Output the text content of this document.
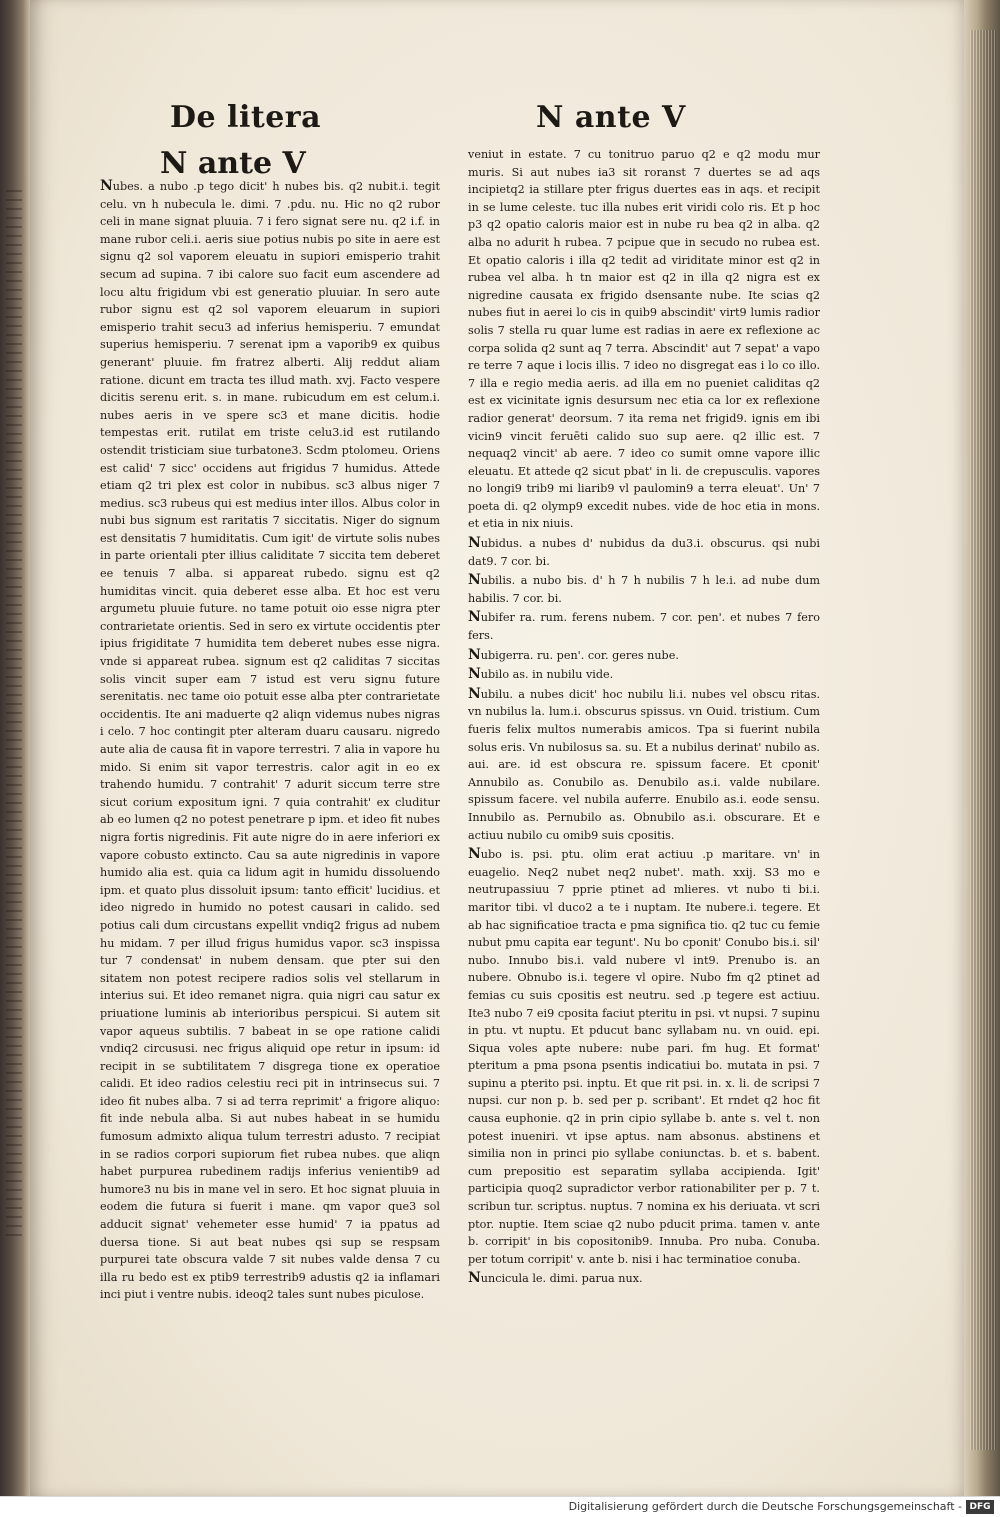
De litera	N ante V
N ante V

Nubes. a nubo .p tego dicit' h nubes bis. q2 nubit.i. tegit celu. vn h nubecula le. dimi. 7 .pdu. nu. Hic no q2 rubor celi in mane signat pluuia. 7 i fero signat sere nu. q2 i.f. in mane rubor celi.i. aeris siue potius nubis po site in aere est signu q2 sol vaporem eleuatu in supiori emisperio trahit secum ad supina. 7 ibi calore suo facit eum ascendere ad locu altu frigidum vbi est generatio pluuiar. In sero aute rubor signu est q2 sol vaporem eleuarum in supiori emisperio trahit secu3 ad inferius hemisperiu. 7 emundat superius hemisperiu. 7 serenat ipm a vaporib9 ex quibus generant' pluuie. fm fratrez alberti. Alij reddut aliam ratione. dicunt em tracta tes illud math. xvj. Facto vespere dicitis serenu erit. s. in mane. rubicudum em est celum.i. nubes aeris in ve spere sc3 et mane dicitis. hodie tempestas erit. rutilat em triste celu3.id est rutilando ostendit tristiciam siue turbatone3. Scdm ptolomeu. Oriens est calid' 7 sicc' occidens aut frigidus 7 humidus. Attede etiam q2 tri plex est color in nubibus. sc3 albus niger 7 medius. sc3 rubeus qui est medius inter illos. Albus color in nubi bus signum est raritatis 7 siccitatis. Niger do signum est densitatis 7 humiditatis. Cum igit' de virtute solis nubes in parte orientali pter illius caliditate 7 siccita tem deberet ee tenuis 7 alba. si appareat rubedo. signu est q2 humiditas vincit. quia deberet esse alba. Et hoc est veru argumetu pluuie future. no tame potuit oio esse nigra pter contrarietate orientis. Sed in sero ex virtute occidentis pter ipius frigiditate 7 humidita tem deberet nubes esse nigra. vnde si appareat rubea. signum est q2 caliditas 7 siccitas solis vincit super eam 7 istud est veru signu future serenitatis. nec tame oio potuit esse alba pter contrarietate occidentis. Ite ani maduerte q2 aliqn videmus nubes nigras i celo. 7 hoc contingit pter alteram duaru causaru. nigredo aute alia de causa fit in vapore terrestri. 7 alia in vapore hu mido. Si enim sit vapor terrestris. calor agit in eo ex trahendo humidu. 7 contrahit' 7 adurit siccum terre stre sicut corium expositum igni. 7 quia contrahit' ex cluditur ab eo lumen q2 no potest penetrare p ipm. et ideo fit nubes nigra fortis nigredinis. Fit aute nigre do in aere inferiori ex vapore cobusto extincto. Cau sa aute nigredinis in vapore humido alia est. quia ca lidum agit in humidu dissoluendo ipm. et quato plus dissoluit ipsum: tanto efficit' lucidius. et ideo nigredo in humido no potest causari in calido. sed potius cali dum circustans expellit vndiq2 frigus ad nubem hu midam. 7 per illud frigus humidus vapor. sc3 inspissa tur 7 condensat' in nubem densam. que pter sui den sitatem non potest recipere radios solis vel stellarum in interius sui. Et ideo remanet nigra. quia nigri cau satur ex priuatione luminis ab interioribus perspicui. Si autem sit vapor aqueus subtilis. 7 babeat in se ope ratione calidi vndiq2 circususi. nec frigus aliquid ope retur in ipsum: id recipit in se subtilitatem 7 disgrega tione ex operatioe calidi. Et ideo radios celestiu reci pit in intrinsecus sui. 7 ideo fit nubes alba. 7 si ad terra reprimit' a frigore aliquo: fit inde nebula alba. Si aut nubes habeat in se humidu fumosum admixto aliqua tulum terrestri adusto. 7 recipiat in se radios corpori supiorum fiet rubea nubes. que aliqn habet purpurea rubedinem radijs inferius venientib9 ad humore3 nu bis in mane vel in sero. Et hoc signat pluuia in eodem die futura si fuerit i mane. qm vapor que3 sol adducit signat' vehemeter esse humid' 7 ia ppatus ad duersa tione. Si aut beat nubes qsi sup se respsam purpurei tate obscura valde 7 sit nubes valde densa 7 cu illa ru bedo est ex ptib9 terrestrib9 adustis q2 ia inflamari inci piut i ventre nubis. ideoq2 tales sunt nubes piculose.

veniut in estate. 7 cu tonitruo paruo q2 e q2 modu mur muris. Si aut nubes ia3 sit roranst 7 duertes se ad aqs incipietq2 ia stillare pter frigus duertes eas in aqs. et recipit in se lume celeste. tuc illa nubes erit viridi colo ris. Et p hoc p3 q2 opatio caloris maior est in nube ru bea q2 in alba. q2 alba no adurit h rubea. 7 pcipue que in secudo no rubea est. Et opatio caloris i illa q2 tedit ad viriditate minor est q2 in rubea vel alba. h tn maior est q2 in illa q2 nigra est ex nigredine causata ex frigido dsensante nube. Ite scias q2 nubes fiut in aerei lo cis in quib9 abscindit' virt9 lumis radior solis 7 stella ru quar lume est radias in aere ex reflexione ac corpa solida q2 sunt aq 7 terra. Abscindit' aut 7 sepat' a vapo re terre 7 aque i locis illis. 7 ideo no disgregat eas i lo co illo. 7 illa e regio media aeris. ad illa em no pueniet caliditas q2 est ex vicinitate ignis desursum nec etia ca lor ex reflexione radior generat' deorsum. 7 ita rema net frigid9. ignis em ibi vicin9 vincit feruēti calido suo sup aere. q2 illic est. 7 nequaq2 vincit' ab aere. 7 ideo co sumit omne vapore illic eleuatu. Et attede q2 sicut pbat' in li. de crepusculis. vapores no longi9 trib9 mi liarib9 vl paulomin9 a terra eleuat'. Un' 7 poeta di. q2 olymp9 excedit nubes. vide de hoc etia in mons. et etia in nix niuis.

Nubidus. a nubes d' nubidus da du3.i. obscurus. qsi nubi dat9. 7 cor. bi.

Nubilis. a nubo bis. d' h 7 h nubilis 7 h le.i. ad nube dum habilis. 7 cor. bi.

Nubifer ra. rum. ferens nubem. 7 cor. pen'. et nubes 7 fero fers.

Nubigerra. ru. pen'. cor. geres nube.

Nubilo as. in nubilu vide.

Nubilu. a nubes dicit' hoc nubilu li.i. nubes vel obscu ritas. vn nubilus la. lum.i. obscurus spissus. vn Ouid. tristium. Cum fueris felix multos numerabis amicos. Tpa si fuerint nubila solus eris. Vn nubilosus sa. su. Et a nubilus derinat' nubilo as. aui. are. id est obscura re. spissum facere. Et cponit' Annubilo as. Conubilo as. Denubilo as.i. valde nubilare. spissum facere. vel nubila auferre. Enubilo as.i. eode sensu. Innubilo as. Pernubilo as. Obnubilo as.i. obscurare. Et e actiuu nubilo cu omib9 suis cpositis.

Nubo is. psi. ptu. olim erat actiuu .p maritare. vn' in euagelio. Neq2 nubet neq2 nubet'. math. xxij. S3 mo e neutrupassiuu 7 pprie ptinet ad mlieres. vt nubo ti bi.i. maritor tibi. vl duco2 a te i nuptam. Ite nubere.i. tegere. Et ab hac significatioe tracta e pma significa tio. q2 tuc cu femie nubut pmu capita ear tegunt'. Nu bo cponit' Conubo bis.i. sil' nubo. Innubo bis.i. vald nubere vl int9. Prenubo is. an nubere. Obnubo is.i. tegere vl opire. Nubo fm q2 ptinet ad femias cu suis cpositis est neutru. sed .p tegere est actiuu. Ite3 nubo 7 ei9 cposita faciut pteritu in psi. vt nupsi. 7 supinu in ptu. vt nuptu. Et pducut banc syllabam nu. vn ouid. epi. Siqua voles apte nubere: nube pari. fm hug. Et format' pteritum a pma psona psentis indicatiui bo. mutata in psi. 7 supinu a pterito psi. inptu. Et que rit psi. in. x. li. de scripsi 7 nupsi. cur non p. b. sed per p. scribant'. Et rndet q2 hoc fit causa euphonie. q2 in prin cipio syllabe b. ante s. vel t. non potest inueniri. vt ipse aptus. nam absonus. abstinens et similia non in princi pio syllabe coniunctas. b. et s. babent. cum prepositio est separatim syllaba accipienda. Igit' participia quoq2 supradictor verbor rationabiliter per p. 7 t. scribun tur. scriptus. nuptus. 7 nomina ex his deriuata. vt scri ptor. nuptie. Item sciae q2 nubo pducit prima. tamen v. ante b. corripit' in bis copositonib9. Innuba. Pro nuba. Conuba. per totum corripit' v. ante b. nisi i hac terminatioe conuba.

Nuncicula le. dimi. parua nux.

Digitalisierung gefördert durch die Deutsche Forschungsgemeinschaft - DFG
